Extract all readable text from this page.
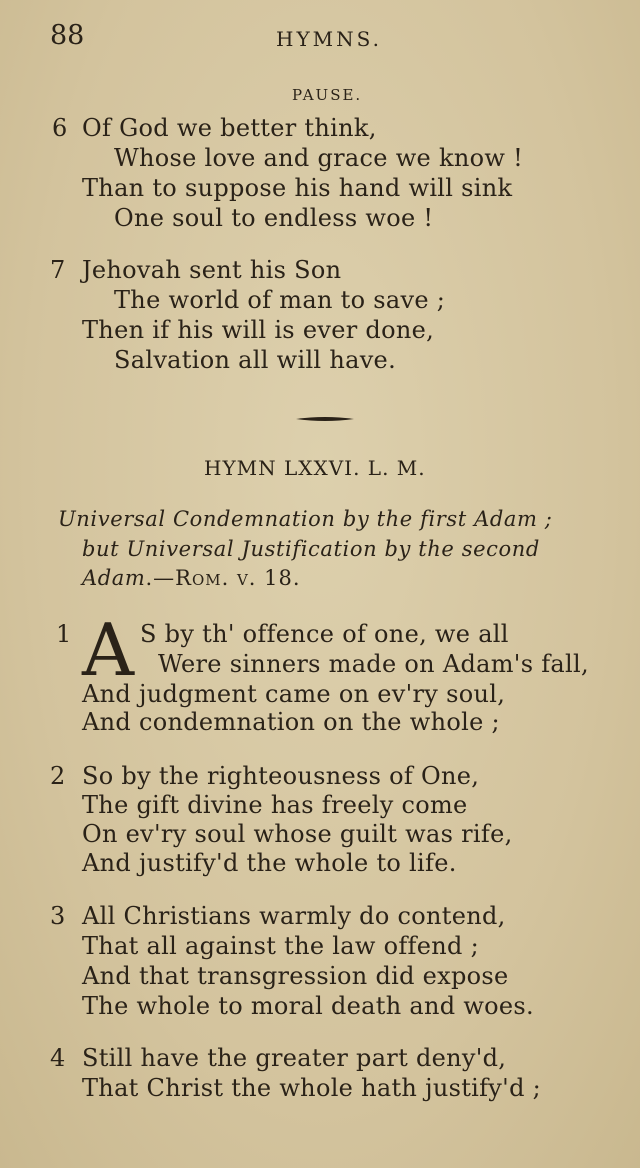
88	HYMNS.
PAUSE.
6 Of God we better think,
Whose love and grace we know !
Than to suppose his hand will sink
One soul to endless woe !
7 Jehovah sent his Son
The world of man to save ;
Then if his will is ever done,
Salvation all will have.
HYMN LXXVI. L. M.
Universal Condemnation by the first Adam ;
but Universal Justification by the second
Adam.—Rom. v. 18.
1 A S by th' offence of one, we all
Were sinners made on Adam's fall,
And judgment came on ev'ry soul,
And condemnation on the whole ;
2 So by the righteousness of One,
The gift divine has freely come
On ev'ry soul whose guilt was rife,
And justify'd the whole to life.
3 All Christians warmly do contend,
That all against the law offend ;
And that transgression did expose
The whole to moral death and woes.
4 Still have the greater part deny'd,
That Christ the whole hath justify'd ;
